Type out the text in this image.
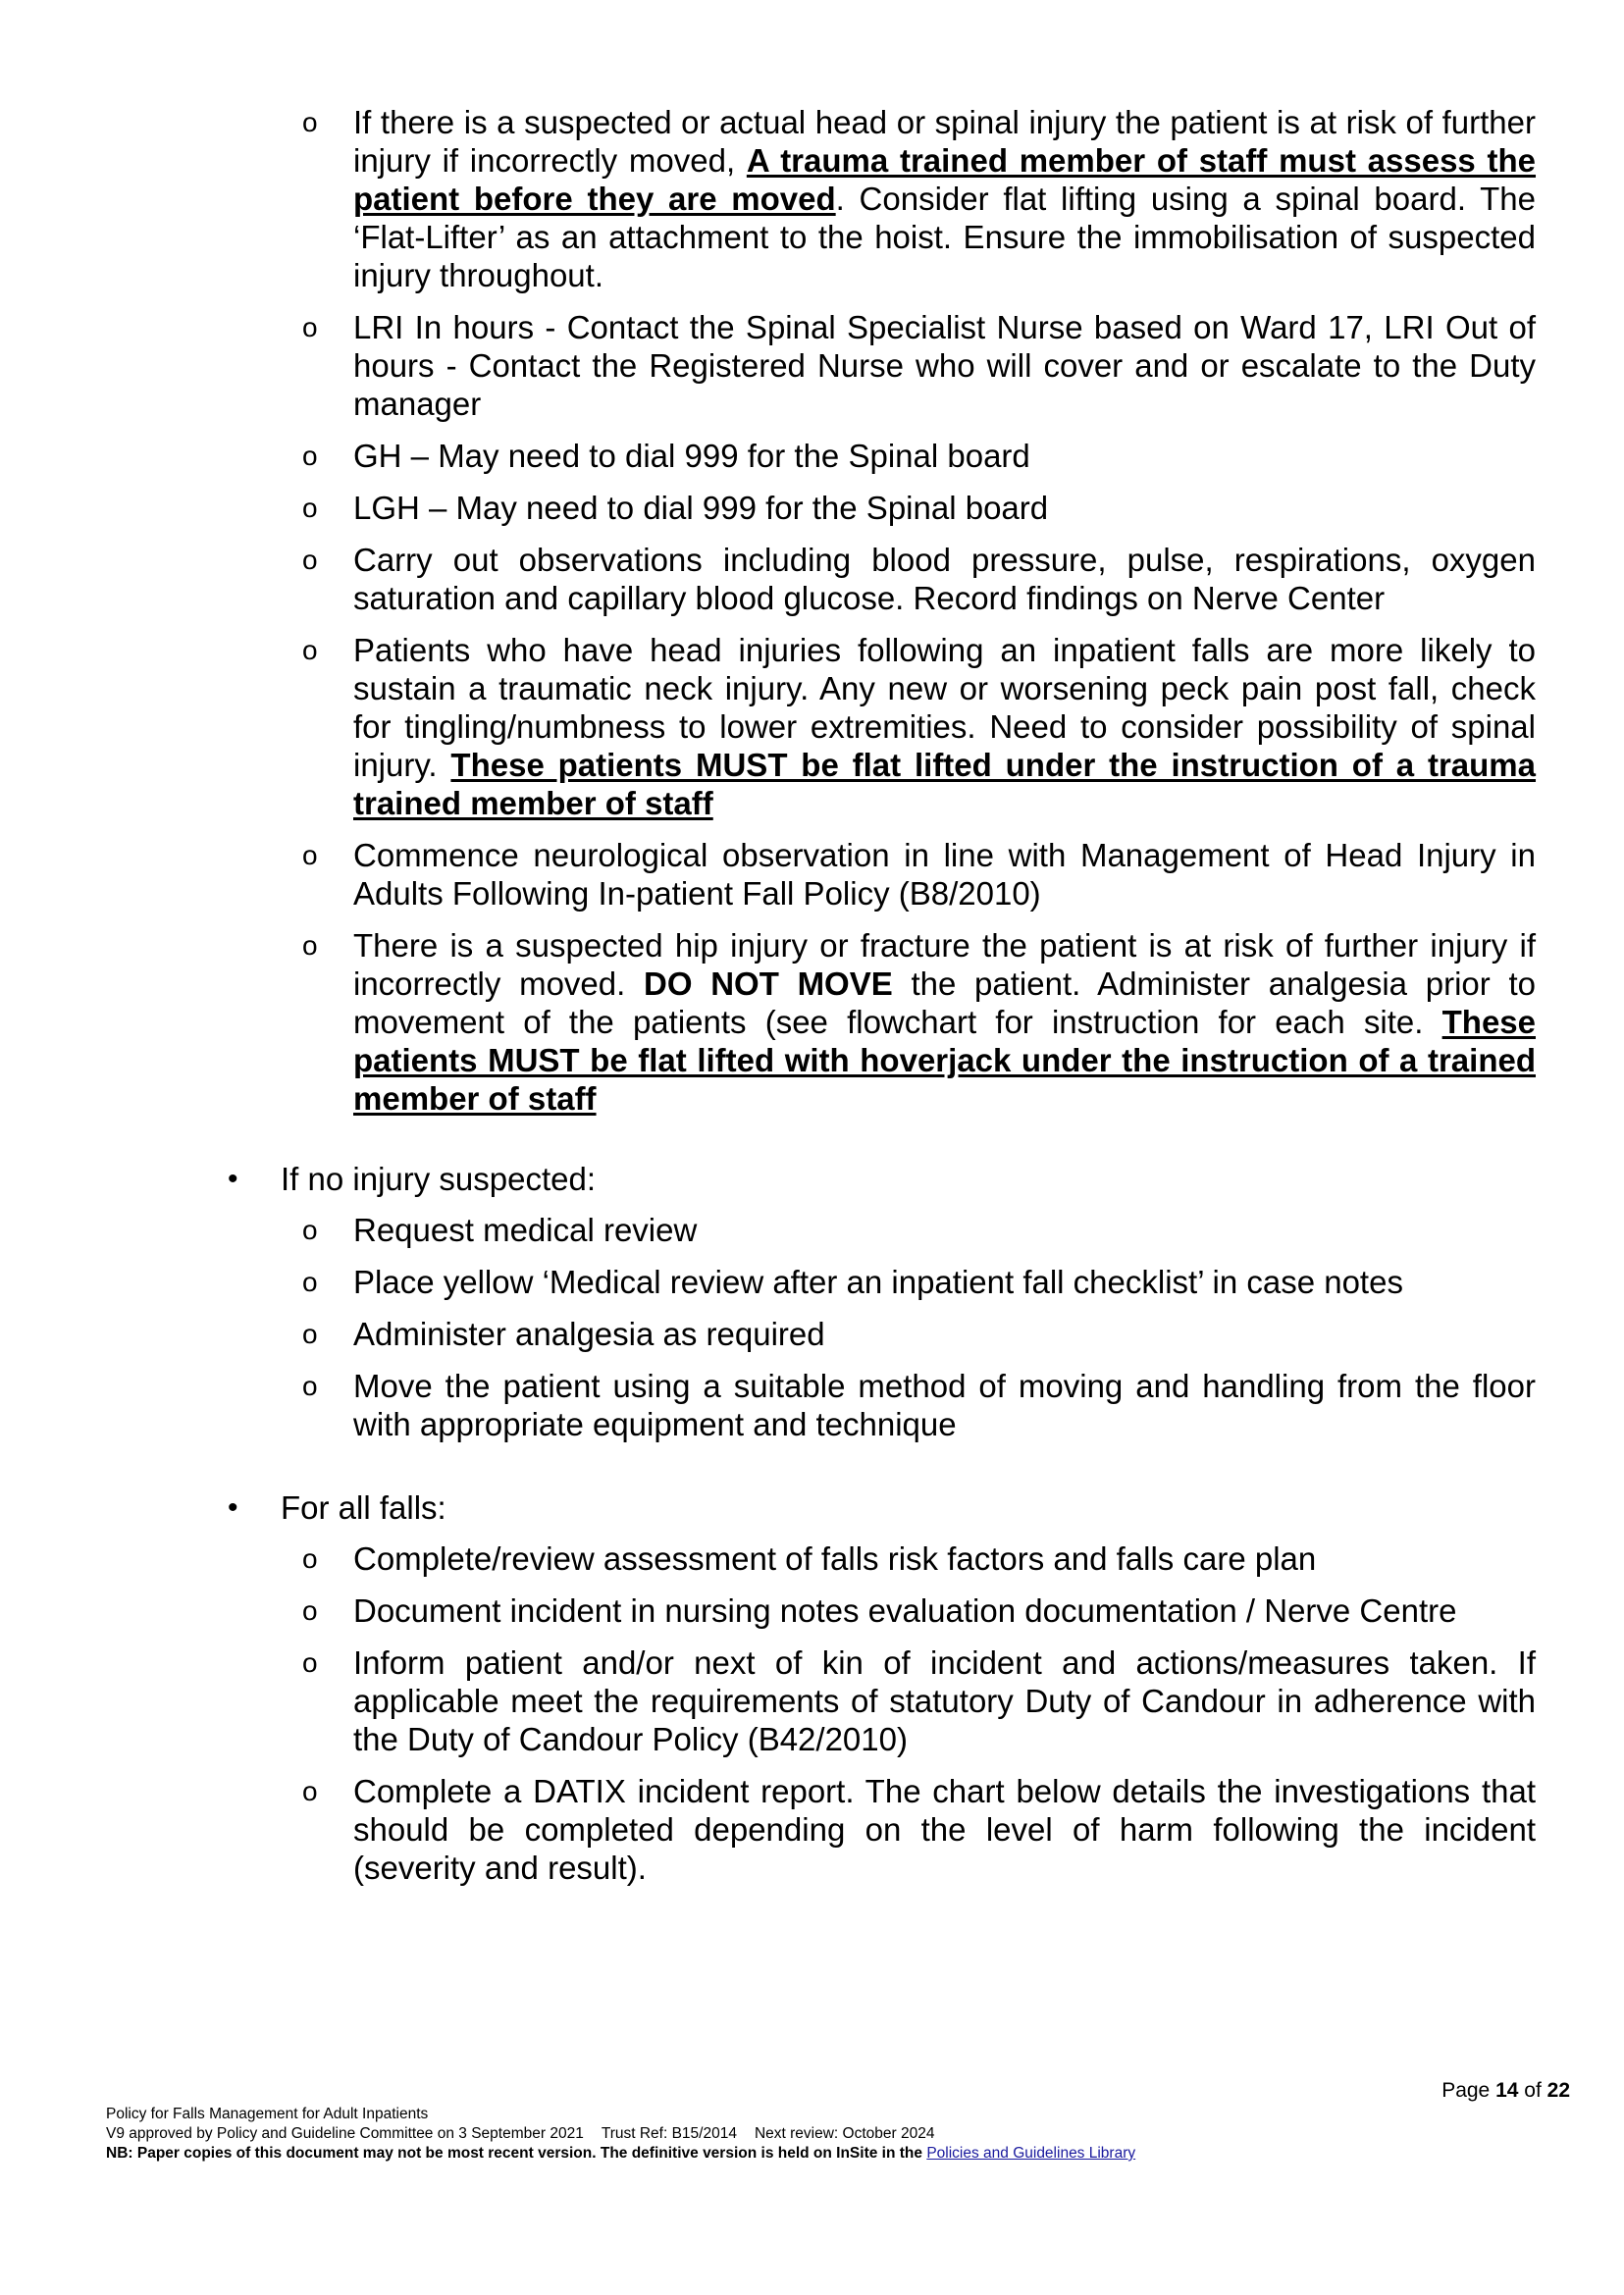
o If there is a suspected or actual head or spinal injury the patient is at risk of further injury if incorrectly moved, A trauma trained member of staff must assess the patient before they are moved. Consider flat lifting using a spinal board. The ‘Flat-Lifter’ as an attachment to the hoist. Ensure the immobilisation of suspected injury throughout.
o LRI In hours - Contact the Spinal Specialist Nurse based on Ward 17, LRI Out of hours - Contact the Registered Nurse who will cover and or escalate to the Duty manager
o GH – May need to dial 999 for the Spinal board
o LGH – May need to dial 999 for the Spinal board
o Carry out observations including blood pressure, pulse, respirations, oxygen saturation and capillary blood glucose. Record findings on Nerve Center
o Patients who have head injuries following an inpatient falls are more likely to sustain a traumatic neck injury. Any new or worsening peck pain post fall, check for tingling/numbness to lower extremities. Need to consider possibility of spinal injury. These patients MUST be flat lifted under the instruction of a trauma trained member of staff
o Commence neurological observation in line with Management of Head Injury in Adults Following In-patient Fall Policy (B8/2010)
o There is a suspected hip injury or fracture the patient is at risk of further injury if incorrectly moved. DO NOT MOVE the patient. Administer analgesia prior to movement of the patients (see flowchart for instruction for each site. These patients MUST be flat lifted with hoverjack under the instruction of a trained member of staff
• If no injury suspected:
o Request medical review
o Place yellow ‘Medical review after an inpatient fall checklist’ in case notes
o Administer analgesia as required
o Move the patient using a suitable method of moving and handling from the floor with appropriate equipment and technique
• For all falls:
o Complete/review assessment of falls risk factors and falls care plan
o Document incident in nursing notes evaluation documentation / Nerve Centre
o Inform patient and/or next of kin of incident and actions/measures taken. If applicable meet the requirements of statutory Duty of Candour in adherence with the Duty of Candour Policy (B42/2010)
o Complete a DATIX incident report. The chart below details the investigations that should be completed depending on the level of harm following the incident (severity and result).
Page 14 of 22
Policy for Falls Management for Adult Inpatients
V9 approved by Policy and Guideline Committee on 3 September 2021 Trust Ref: B15/2014 Next review: October 2024
NB: Paper copies of this document may not be most recent version. The definitive version is held on InSite in the Policies and Guidelines Library
